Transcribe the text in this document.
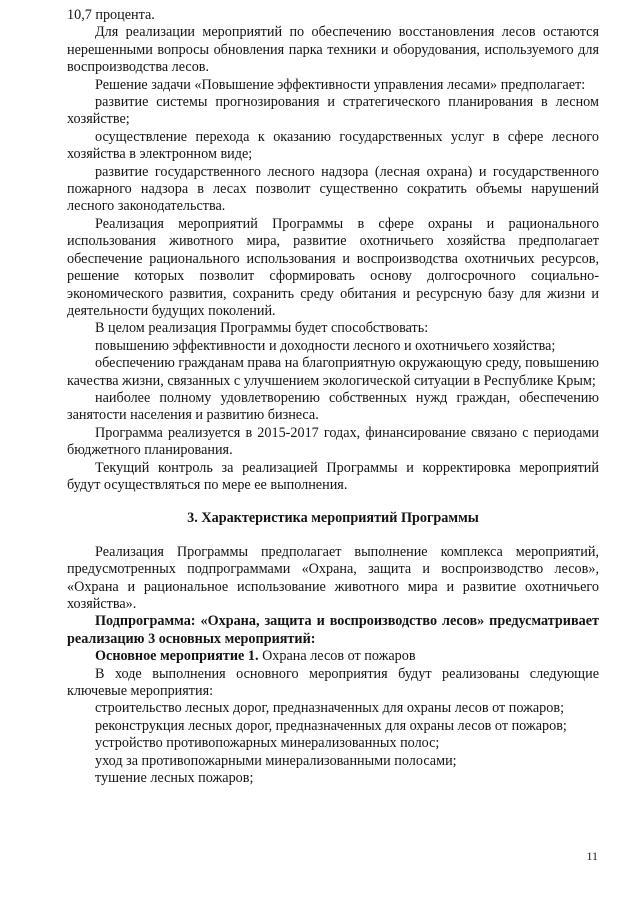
10,7 процента.

Для реализации мероприятий по обеспечению восстановления лесов остаются нерешенными вопросы обновления парка техники и оборудования, используемого для воспроизводства лесов.

Решение задачи «Повышение эффективности управления лесами» предполагает:

развитие системы прогнозирования и стратегического планирования в лесном хозяйстве;

осуществление перехода к оказанию государственных услуг в сфере лесного хозяйства в электронном виде;

развитие государственного лесного надзора (лесная охрана) и государственного пожарного надзора в лесах позволит существенно сократить объемы нарушений лесного законодательства.

Реализация мероприятий Программы в сфере охраны и рационального использования животного мира, развитие охотничьего хозяйства предполагает обеспечение рационального использования и воспроизводства охотничьих ресурсов, решение которых позволит сформировать основу долгосрочного социально-экономического развития, сохранить среду обитания и ресурсную базу для жизни и деятельности будущих поколений.

В целом реализация Программы будет способствовать:

повышению эффективности и доходности лесного и охотничьего хозяйства;

обеспечению гражданам права на благоприятную окружающую среду, повышению качества жизни, связанных с улучшением экологической ситуации в Республике Крым;

наиболее полному удовлетворению собственных нужд граждан, обеспечению занятости населения и развитию бизнеса.

Программа реализуется в 2015-2017 годах, финансирование связано с периодами бюджетного планирования.

Текущий контроль за реализацией Программы и корректировка мероприятий будут осуществляться по мере ее выполнения.

3. Характеристика мероприятий Программы

Реализация Программы предполагает выполнение комплекса мероприятий, предусмотренных подпрограммами «Охрана, защита и воспроизводство лесов», «Охрана и рациональное использование животного мира и развитие охотничьего хозяйства».

Подпрограмма: «Охрана, защита и воспроизводство лесов» предусматривает реализацию 3 основных мероприятий:

Основное мероприятие 1. Охрана лесов от пожаров

В ходе выполнения основного мероприятия будут реализованы следующие ключевые мероприятия:

строительство лесных дорог, предназначенных для охраны лесов от пожаров;

реконструкция лесных дорог, предназначенных для охраны лесов от пожаров;

устройство противопожарных минерализованных полос;

уход за противопожарными минерализованными полосами;

тушение лесных пожаров;

11
